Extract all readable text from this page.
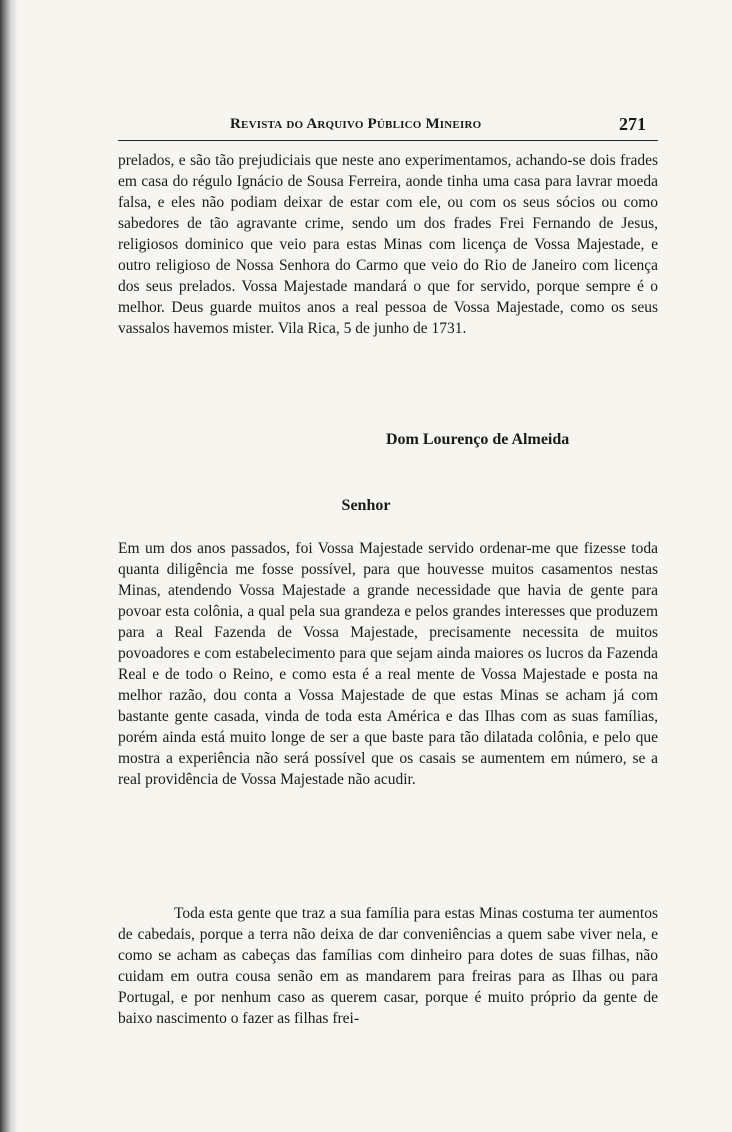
Revista do Arquivo Público Mineiro	271

prelados, e são tão prejudiciais que neste ano experimentamos, achando-se dois frades em casa do régulo Ignácio de Sousa Ferreira, aonde tinha uma casa para lavrar moeda falsa, e eles não podiam deixar de estar com ele, ou com os seus sócios ou como sabedores de tão agravante crime, sendo um dos frades Frei Fernando de Jesus, religiosos dominico que veio para estas Minas com licença de Vossa Majestade, e outro religioso de Nossa Senhora do Carmo que veio do Rio de Janeiro com licença dos seus prelados. Vossa Majestade mandará o que for servido, porque sempre é o melhor. Deus guarde muitos anos a real pessoa de Vossa Majestade, como os seus vassalos havemos mister. Vila Rica, 5 de junho de 1731.

Dom Lourenço de Almeida
Senhor

Em um dos anos passados, foi Vossa Majestade servido ordenar-me que fizesse toda quanta diligência me fosse possível, para que houvesse muitos casamentos nestas Minas, atendendo Vossa Majestade a grande necessidade que havia de gente para povoar esta colônia, a qual pela sua grandeza e pelos grandes interesses que produzem para a Real Fazenda de Vossa Majestade, precisamente necessita de muitos povoadores e com estabelecimento para que sejam ainda maiores os lucros da Fazenda Real e de todo o Reino, e como esta é a real mente de Vossa Majestade e posta na melhor razão, dou conta a Vossa Majestade de que estas Minas se acham já com bastante gente casada, vinda de toda esta América e das Ilhas com as suas famílias, porém ainda está muito longe de ser a que baste para tão dilatada colônia, e pelo que mostra a experiência não será possível que os casais se aumentem em número, se a real providência de Vossa Majestade não acudir.

Toda esta gente que traz a sua família para estas Minas costuma ter aumentos de cabedais, porque a terra não deixa de dar conveniências a quem sabe viver nela, e como se acham as cabeças das famílias com dinheiro para dotes de suas filhas, não cuidam em outra cousa senão em as mandarem para freiras para as Ilhas ou para Portugal, e por nenhum caso as querem casar, porque é muito próprio da gente de baixo nascimento o fazer as filhas frei-
